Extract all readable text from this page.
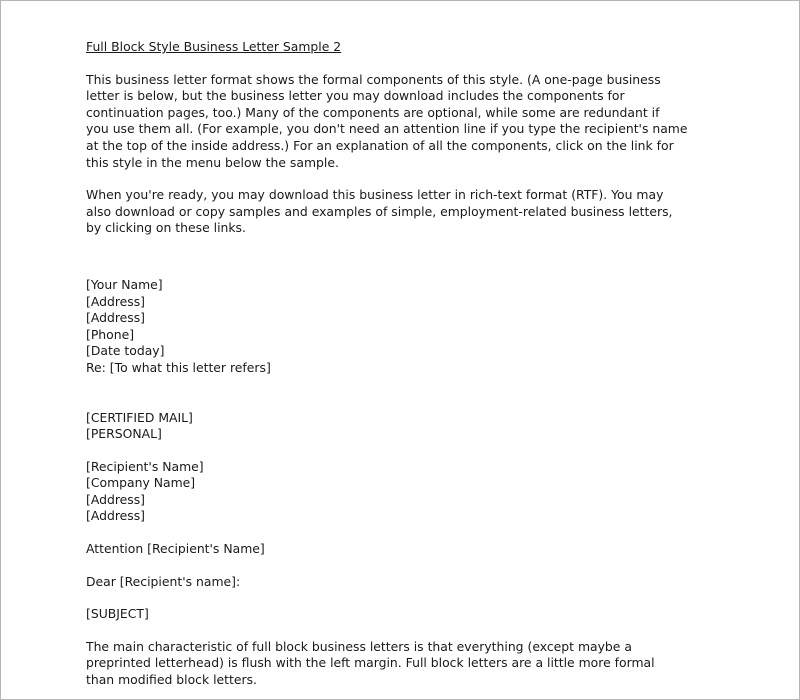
Full Block Style Business Letter Sample 2

This business letter format shows the formal components of this style. (A one-page business
letter is below, but the business letter you may download includes the components for
continuation pages, too.) Many of the components are optional, while some are redundant if
you use them all. (For example, you don't need an attention line if you type the recipient's name
at the top of the inside address.) For an explanation of all the components, click on the link for
this style in the menu below the sample.

When you're ready, you may download this business letter in rich-text format (RTF). You may
also download or copy samples and examples of simple, employment-related business letters,
by clicking on these links.

[Your Name]
[Address]
[Address]
[Phone]
[Date today]
Re: [To what this letter refers]

[CERTIFIED MAIL]
[PERSONAL]

[Recipient's Name]
[Company Name]
[Address]
[Address]

Attention [Recipient's Name]

Dear [Recipient's name]:

[SUBJECT]

The main characteristic of full block business letters is that everything (except maybe a
preprinted letterhead) is flush with the left margin. Full block letters are a little more formal
than modified block letters.
